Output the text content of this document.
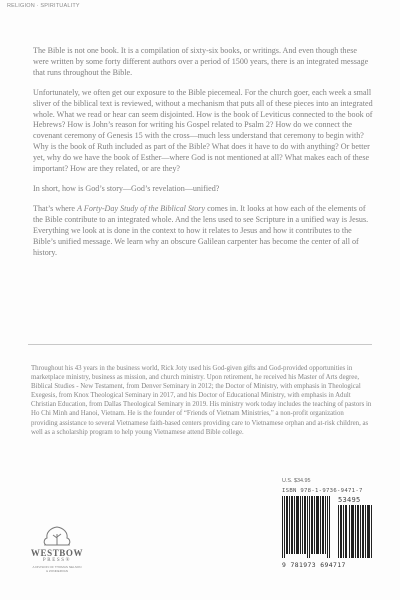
RELIGION · SPIRITUALITY

The Bible is not one book. It is a compilation of sixty-six books, or writings. And even though these were written by some forty different authors over a period of 1500 years, there is an integrated message that runs throughout the Bible.

Unfortunately, we often get our exposure to the Bible piecemeal. For the church goer, each week a small sliver of the biblical text is reviewed, without a mechanism that puts all of these pieces into an integrated whole. What we read or hear can seem disjointed. How is the book of Leviticus connected to the book of Hebrews? How is John’s reason for writing his Gospel related to Psalm 2? How do we connect the covenant ceremony of Genesis 15 with the cross—much less understand that ceremony to begin with? Why is the book of Ruth included as part of the Bible? What does it have to do with anything? Or better yet, why do we have the book of Esther—where God is not mentioned at all? What makes each of these important? How are they related, or are they?

In short, how is God’s story—God’s revelation—unified?

That’s where A Forty-Day Study of the Biblical Story comes in. It looks at how each of the elements of the Bible contribute to an integrated whole. And the lens used to see Scripture in a unified way is Jesus. Everything we look at is done in the context to how it relates to Jesus and how it contributes to the Bible’s unified message. We learn why an obscure Galilean carpenter has become the center of all of history.

Throughout his 43 years in the business world, Rick Joty used his God-given gifts and God-provided opportunities in marketplace ministry, business as mission, and church ministry. Upon retirement, he received his Master of Arts degree, Biblical Studies - New Testament, from Denver Seminary in 2012; the Doctor of Ministry, with emphasis in Theological Exegesis, from Knox Theological Seminary in 2017, and his Doctor of Educational Ministry, with emphasis in Adult Christian Education, from Dallas Theological Seminary in 2019. His ministry work today includes the teaching of pastors in Ho Chi Minh and Hanoi, Vietnam. He is the founder of “Friends of Vietnam Ministries,” a non-profit organization providing assistance to several Vietnamese faith-based centers providing care to Vietnamese orphan and at-risk children, as well as a scholarship program to help young Vietnamese attend Bible college.
U.S. $34.95
ISBN 978-1-9736-9471-7
53495
9 781973 694717
WESTBOW
PRESS®
A DIVISION OF THOMAS NELSON
& ZONDERVAN
